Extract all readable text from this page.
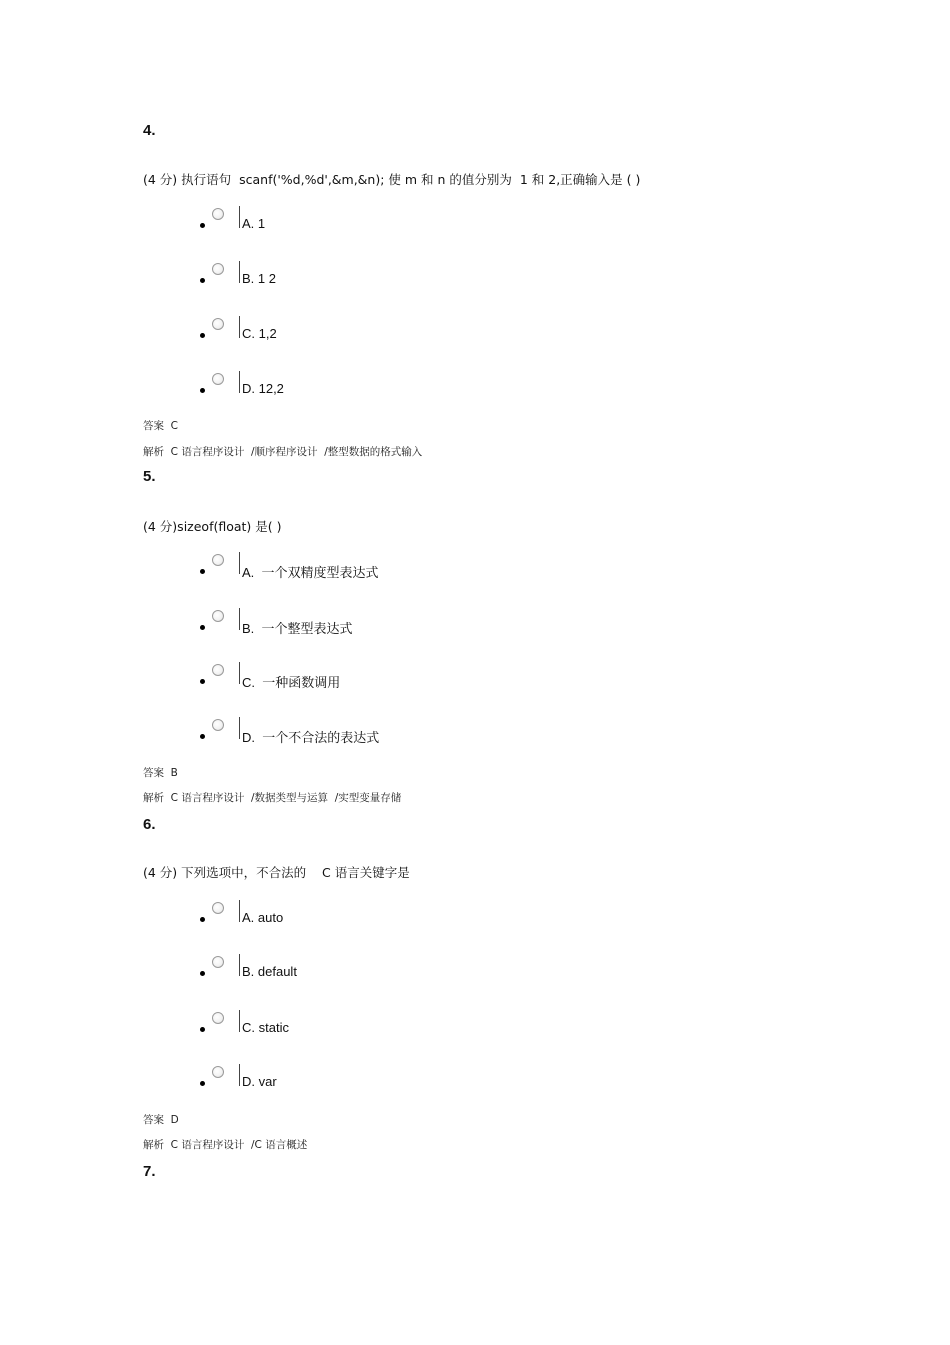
4.
(4 分) 执行语句  scanf('%d,%d',&m,&n); 使 m 和 n 的值分别为  1 和 2,正确输入是 ( )
A. 1
B. 1 2
C. 1,2
D. 12,2
答案  C
解析  C 语言程序设计  /顺序程序设计  /整型数据的格式输入
5.
(4 分)sizeof(float) 是( )
A.  一个双精度型表达式
B.  一个整型表达式
C.  一种函数调用
D.  一个不合法的表达式
答案  B
解析  C 语言程序设计  /数据类型与运算  /实型变量存储
6.
(4 分) 下列选项中，不合法的    C 语言关键字是
A. auto
B. default
C. static
D. var
答案  D
解析  C 语言程序设计  /C 语言概述
7.
